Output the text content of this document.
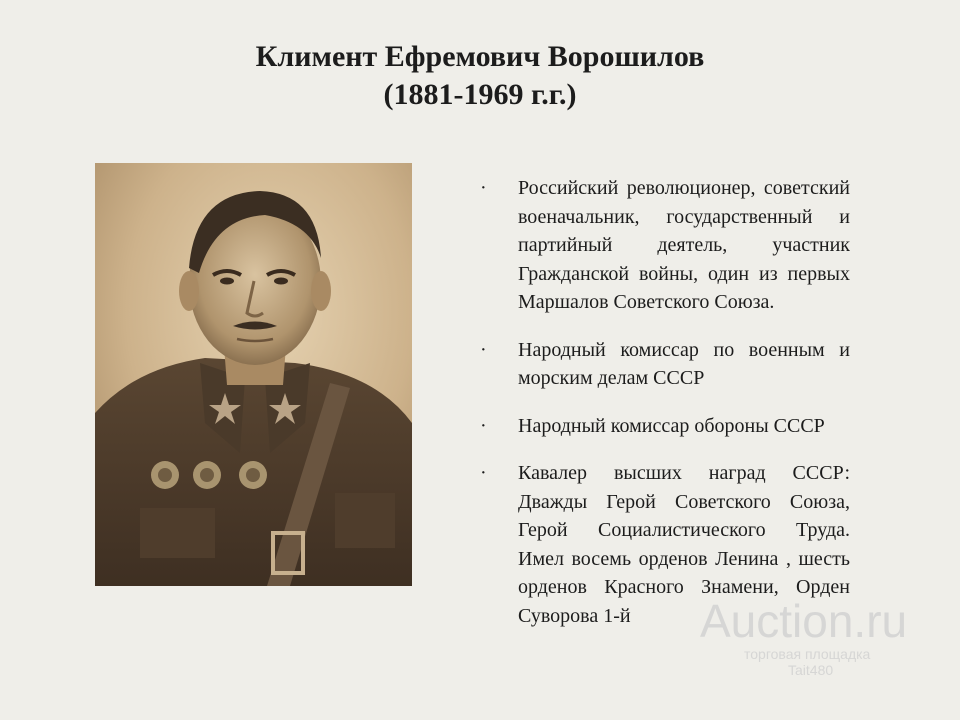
Климент Ефремович Ворошилов
(1881-1969 г.г.)
· Российский революционер, советский военачальник, государственный и партийный деятель, участник Гражданской войны, один из первых Маршалов Советского Союза.
· Народный комиссар по военным и морским делам СССР
· Народный комиссар обороны СССР
· Кавалер высших наград СССР: Дважды Герой Советского Союза, Герой Социалистического Труда. Имел восемь орденов Ленина , шесть орденов Красного Знамени, Орден Суворова 1-й	Auction.ru
торговая площадка
Tait480
